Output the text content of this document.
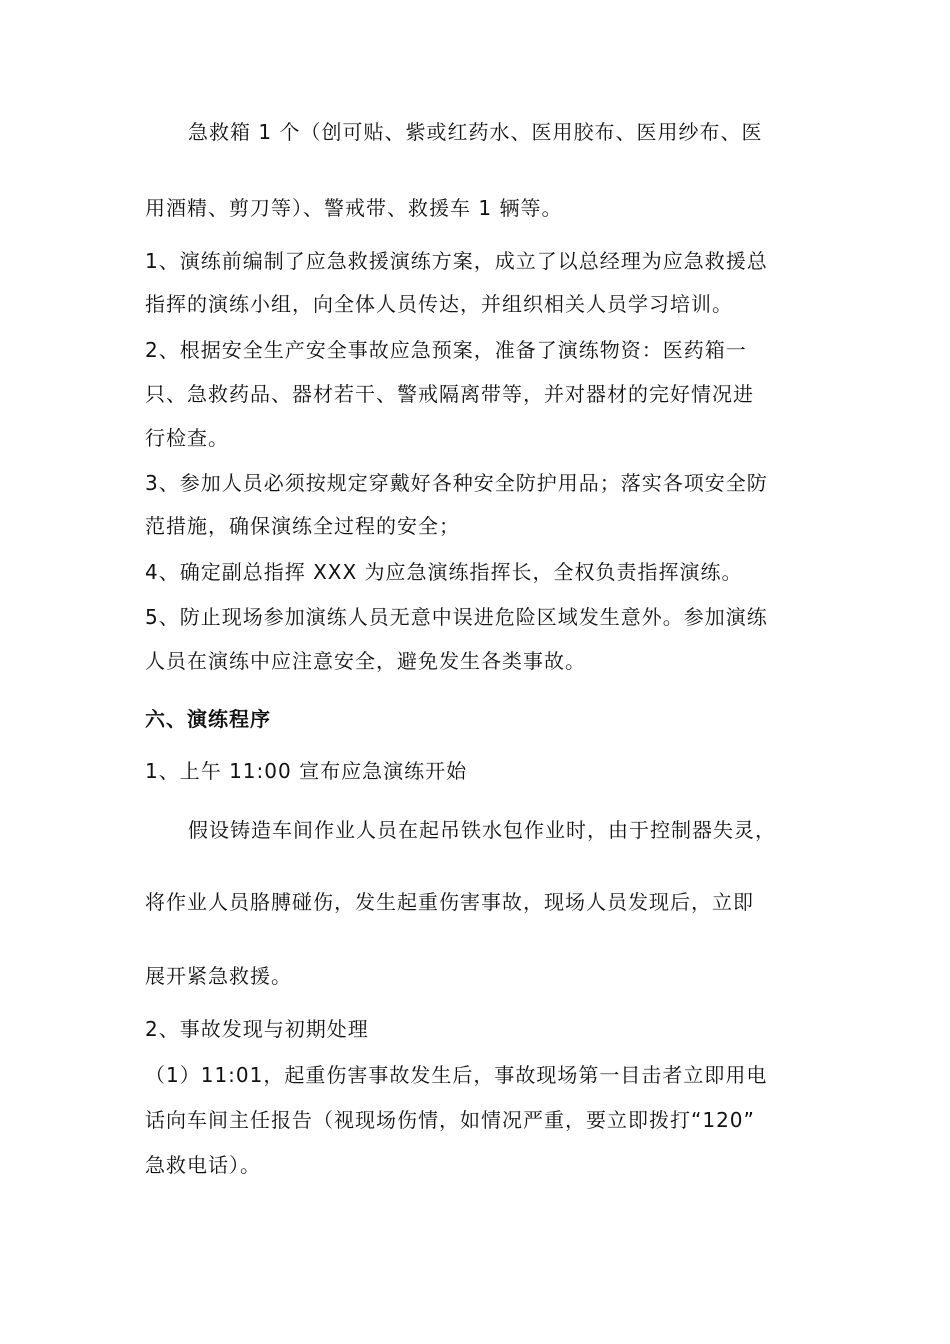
急救箱 1 个（创可贴、紫或红药水、医用胶布、医用纱布、医
用酒精、剪刀等）、警戒带、救援车 1 辆等。
1、演练前编制了应急救援演练方案，成立了以总经理为应急救援总
指挥的演练小组，向全体人员传达，并组织相关人员学习培训。
2、根据安全生产安全事故应急预案，准备了演练物资：医药箱一
只、急救药品、器材若干、警戒隔离带等，并对器材的完好情况进
行检查。
3、参加人员必须按规定穿戴好各种安全防护用品；落实各项安全防
范措施，确保演练全过程的安全；
4、确定副总指挥 XXX 为应急演练指挥长，全权负责指挥演练。
5、防止现场参加演练人员无意中误进危险区域发生意外。参加演练
人员在演练中应注意安全，避免发生各类事故。
六、演练程序
1、上午 11:00 宣布应急演练开始
假设铸造车间作业人员在起吊铁水包作业时，由于控制器失灵，
将作业人员胳膊碰伤，发生起重伤害事故，现场人员发现后，立即
展开紧急救援。
2、事故发现与初期处理
（1）11:01，起重伤害事故发生后，事故现场第一目击者立即用电
话向车间主任报告（视现场伤情，如情况严重，要立即拨打“120”
急救电话）。
